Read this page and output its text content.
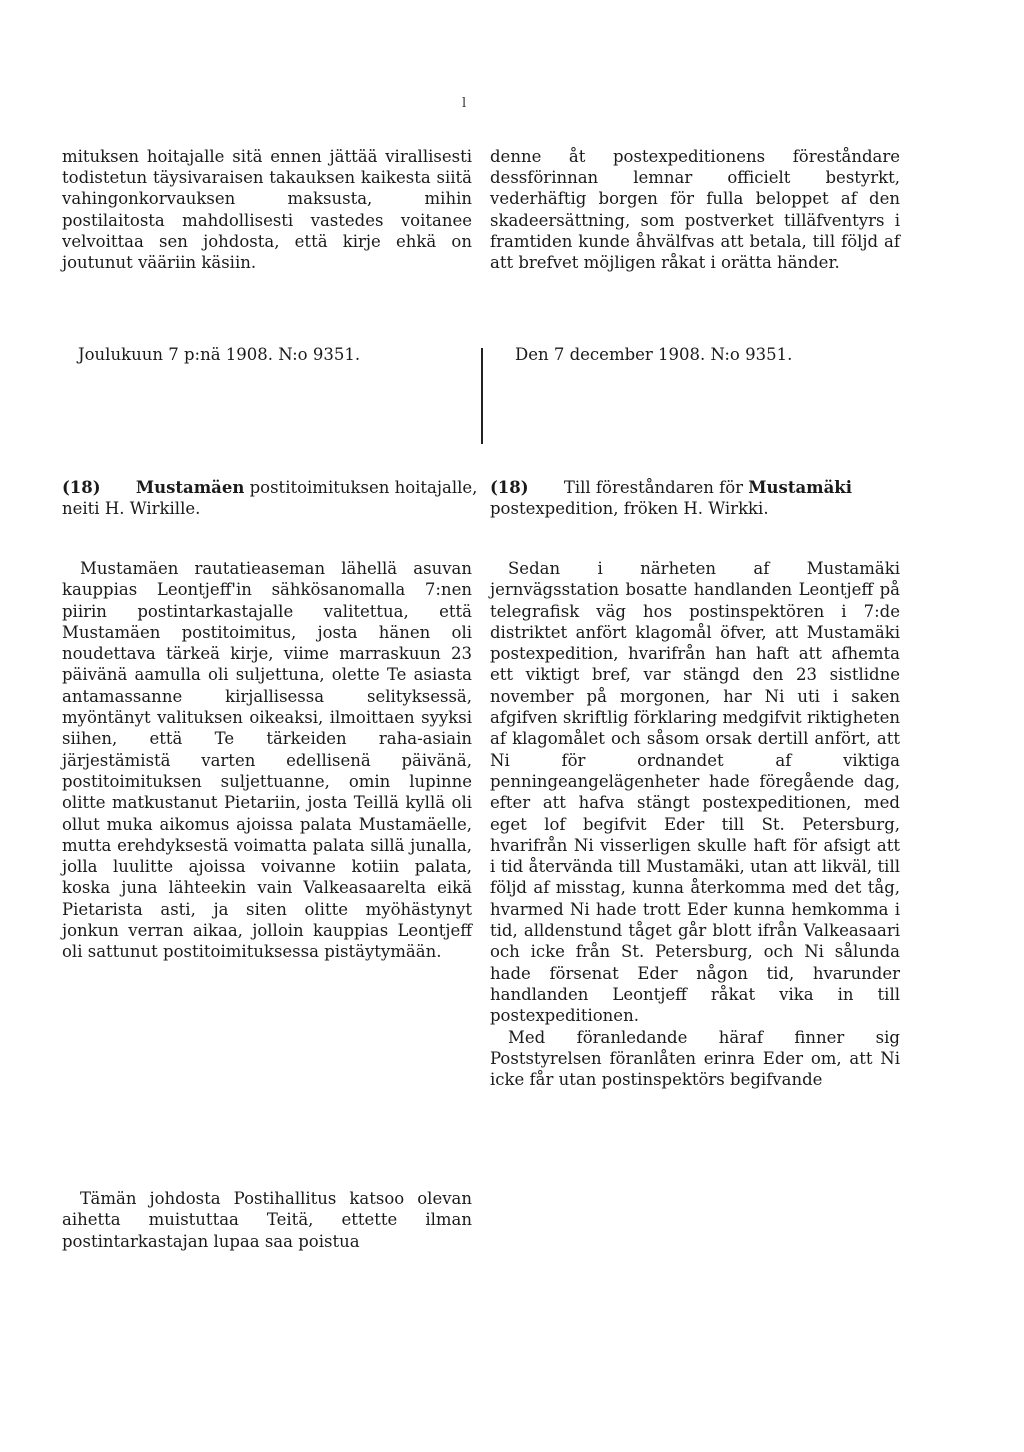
l

mituksen hoitajalle sitä ennen jättää virallisesti todistetun täysivaraisen takauksen kaikesta siitä vahingonkorvauksen maksusta, mihin postilaitosta mahdollisesti vastedes voitanee velvoittaa sen johdosta, että kirje ehkä on joutunut vääriin käsiin.

denne åt postexpeditionens föreståndare dessförinnan lemnar officielt bestyrkt, vederhäftig borgen för fulla beloppet af den skadeersättning, som postverket tilläfventyrs i framtiden kunde åhvälfvas att betala, till följd af att brefvet möjligen råkat i orätta händer.

Joulukuun 7 p:nä 1908. N:o 9351.	Den 7 december 1908. N:o 9351.
(18) Mustamäen postitoimituksen hoitajalle, neiti H. Wirkille.
(18) Till föreståndaren för Mustamäki postexpedition, fröken H. Wirkki.

Mustamäen rautatieaseman lähellä asuvan kauppias Leontjeff'in sähkösanomalla 7:nen piirin postintarkastajalle valitettua, että Mustamäen postitoimitus, josta hänen oli noudettava tärkeä kirje, viime marraskuun 23 päivänä aamulla oli suljettuna, olette Te asiasta antamassanne kirjallisessa selityksessä, myöntänyt valituksen oikeaksi, ilmoittaen syyksi siihen, että Te tärkeiden raha-asiain järjestämistä varten edellisenä päivänä, postitoimituksen suljettuanne, omin lupinne olitte matkustanut Pietariin, josta Teillä kyllä oli ollut muka aikomus ajoissa palata Mustamäelle, mutta erehdyksestä voimatta palata sillä junalla, jolla luulitte ajoissa voivanne kotiin palata, koska juna lähteekin vain Valkeasaarelta eikä Pietarista asti, ja siten olitte myöhästynyt jonkun verran aikaa, jolloin kauppias Leontjeff oli sattunut postitoimituksessa pistäytymään.

Tämän johdosta Postihallitus katsoo olevan aihetta muistuttaa Teitä, ettette ilman postintarkastajan lupaa saa poistua

Sedan i närheten af Mustamäki jernvägsstation bosatte handlanden Leontjeff på telegrafisk väg hos postinspektören i 7:de distriktet anfört klagomål öfver, att Mustamäki postexpedition, hvarifrån han haft att afhemta ett viktigt bref, var stängd den 23 sistlidne november på morgonen, har Ni uti i saken afgifven skriftlig förklaring medgifvit riktigheten af klagomålet och såsom orsak dertill anfört, att Ni för ordnandet af viktiga penningeangelägenheter hade föregående dag, efter att hafva stängt postexpeditionen, med eget lof begifvit Eder till St. Petersburg, hvarifrån Ni visserligen skulle haft för afsigt att i tid återvända till Mustamäki, utan att likväl, till följd af misstag, kunna återkomma med det tåg, hvarmed Ni hade trott Eder kunna hemkomma i tid, alldenstund tåget går blott ifrån Valkeasaari och icke från St. Petersburg, och Ni sålunda hade försenat Eder någon tid, hvarunder handlanden Leontjeff råkat vika in till postexpeditionen.

Med föranledande häraf finner sig Poststyrelsen föranlåten erinra Eder om, att Ni icke får utan postinspektörs begifvande
